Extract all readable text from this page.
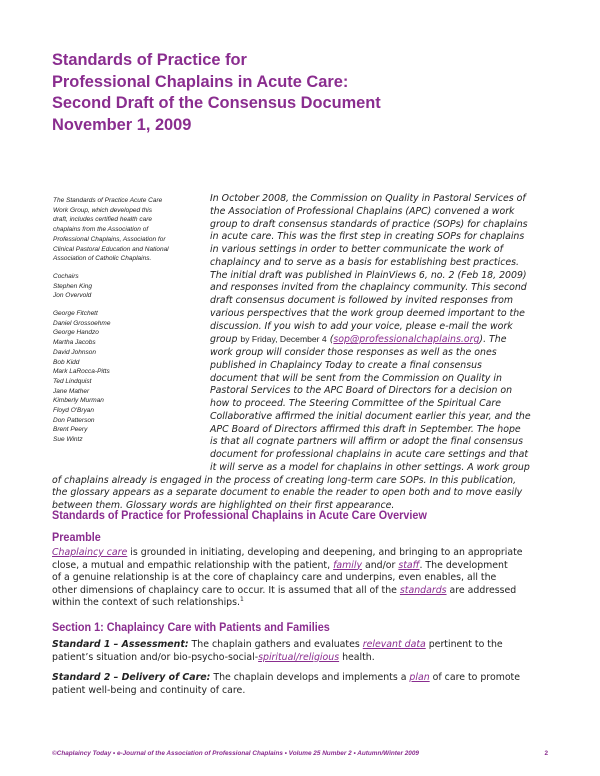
Standards of Practice for
Professional Chaplains in Acute Care:
Second Draft of the Consensus Document
November 1, 2009

The Standards of Practice Acute Care
Work Group, which developed this
draft, includes certified health care
chaplains from the Association of
Professional Chaplains, Association for
Clinical Pastoral Education and National
Association of Catholic Chaplains.

Cochairs
Stephen King
Jon Overvold

George Fitchett
Daniel Grossoehme
George Handzo
Martha Jacobs
David Johnson
Bob Kidd
Mark LaRocca-Pitts
Ted Lindquist
Jane Mather
Kimberly Murman
Floyd O'Bryan
Don Patterson
Brent Peery
Sue Wintz

In October 2008, the Commission on Quality in Pastoral Services of
the Association of Professional Chaplains (APC) convened a work
group to draft consensus standards of practice (SOPs) for chaplains
in acute care. This was the first step in creating SOPs for chaplains
in various settings in order to better communicate the work of
chaplaincy and to serve as a basis for establishing best practices.
The initial draft was published in PlainViews 6, no. 2 (Feb 18, 2009)
and responses invited from the chaplaincy community. This second
draft consensus document is followed by invited responses from
various perspectives that the work group deemed important to the
discussion. If you wish to add your voice, please e-mail the work
group by Friday, December 4 (sop@professionalchaplains.org). The
work group will consider those responses as well as the ones
published in Chaplaincy Today to create a final consensus
document that will be sent from the Commission on Quality in
Pastoral Services to the APC Board of Directors for a decision on
how to proceed. The Steering Committee of the Spiritual Care
Collaborative affirmed the initial document earlier this year, and the
APC Board of Directors affirmed this draft in September. The hope
is that all cognate partners will affirm or adopt the final consensus
document for professional chaplains in acute care settings and that
it will serve as a model for chaplains in other settings. A work group
of chaplains already is engaged in the process of creating long-term care SOPs. In this publication,
the glossary appears as a separate document to enable the reader to open both and to move easily
between them. Glossary words are highlighted on their first appearance.
Standards of Practice for Professional Chaplains in Acute Care Overview
Preamble
Chaplaincy care is grounded in initiating, developing and deepening, and bringing to an appropriate
close, a mutual and empathic relationship with the patient, family and/or staff. The development
of a genuine relationship is at the core of chaplaincy care and underpins, even enables, all the
other dimensions of chaplaincy care to occur. It is assumed that all of the standards are addressed
within the context of such relationships.$^1$
Section 1: Chaplaincy Care with Patients and Families
Standard 1 – Assessment: The chaplain gathers and evaluates relevant data pertinent to the
patient’s situation and/or bio-psycho-social-spiritual/religious health.
Standard 2 – Delivery of Care: The chaplain develops and implements a plan of care to promote
patient well-being and continuity of care.
©Chaplaincy Today • e-Journal of the Association of Professional Chaplains • Volume 25 Number 2 • Autumn/Winter 2009	2
